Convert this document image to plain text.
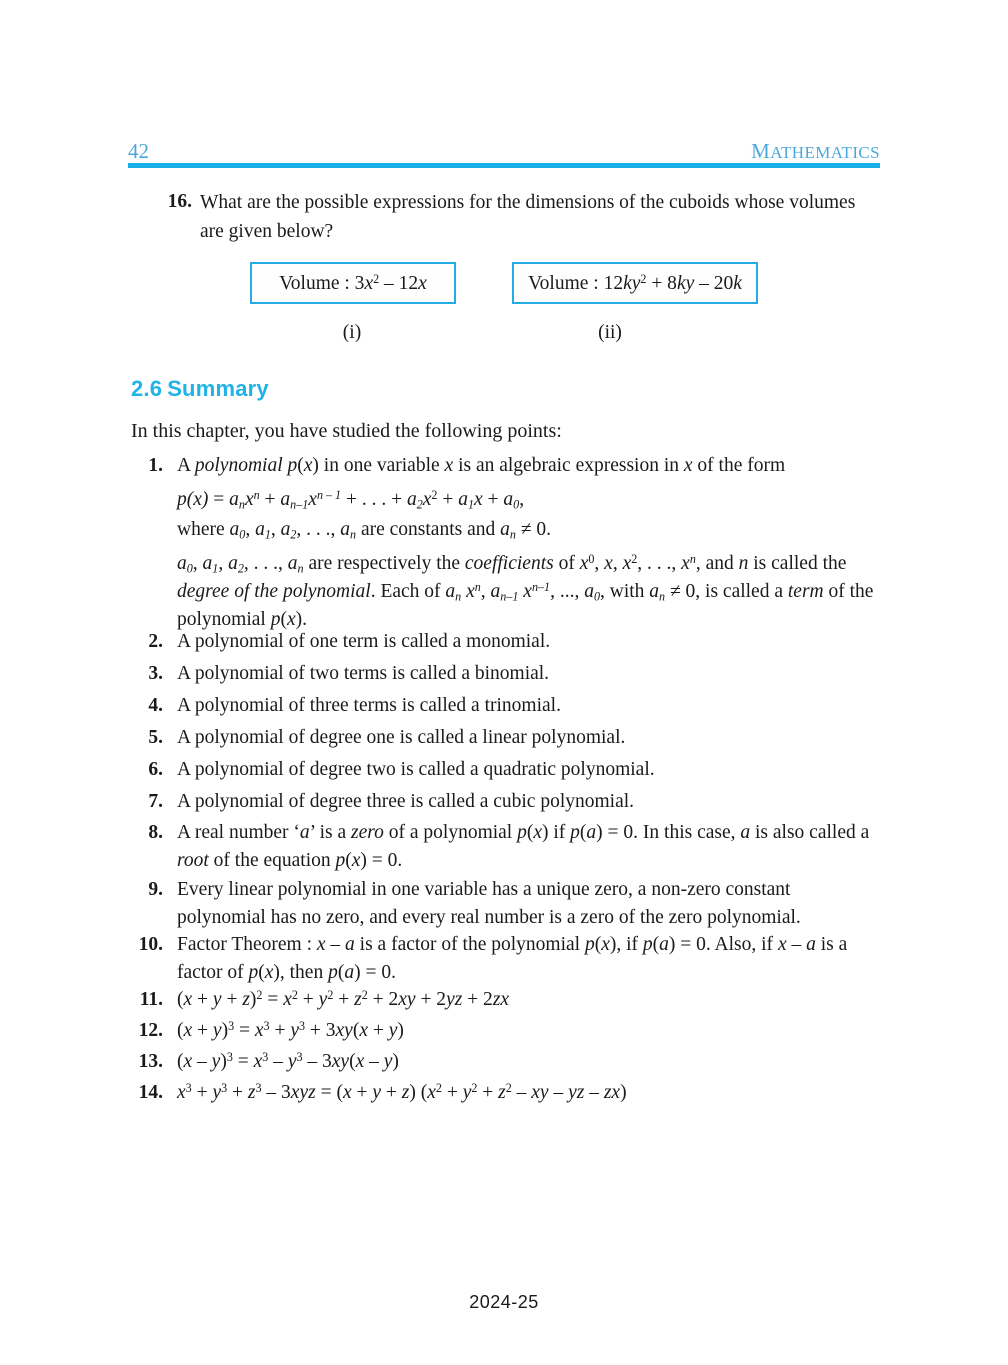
42	MATHEMATICS
16. What are the possible expressions for the dimensions of the cuboids whose volumes are given below?
Volume : $3x^2 - 12x$	Volume : $12ky^2 + 8ky - 20k$
(i)	(ii)
2.6 Summary
In this chapter, you have studied the following points:
1. A polynomial p(x) in one variable x is an algebraic expression in x of the form
$p(x) = a_nx^n + a_{n-1}x^{n - 1}$ + . . . + $a_2x^2 + a_1x + a_0$,
where $a_0$, $a_1$, $a_2$, . . ., $a_n$ are constants and $a_n \ne 0$.
$a_0$, $a_1$, $a_2$, . . ., $a_n$ are respectively the coefficients of $x^0$, x, $x^2$, . . ., $x^n$, and n is called the degree of the polynomial. Each of $a_n$ $x^n$, $a_{n-1}$ $x^{n-1}$, ..., $a_0$, with $a_n \ne 0$, is called a term of the polynomial p(x).
2. A polynomial of one term is called a monomial.
3. A polynomial of two terms is called a binomial.
4. A polynomial of three terms is called a trinomial.
5. A polynomial of degree one is called a linear polynomial.
6. A polynomial of degree two is called a quadratic polynomial.
7. A polynomial of degree three is called a cubic polynomial.
8. A real number ‘a’ is a zero of a polynomial p(x) if p(a) = 0. In this case, a is also called a root of the equation p(x) = 0.
9. Every linear polynomial in one variable has a unique zero, a non-zero constant polynomial has no zero, and every real number is a zero of the zero polynomial.
10. Factor Theorem : x – a is a factor of the polynomial p(x), if p(a) = 0. Also, if x – a is a factor of p(x), then p(a) = 0.
11. $(x + y + z)^2 = x^2 + y^2 + z^2 + 2xy + 2yz + 2zx$
12. $(x + y)^3 = x^3 + y^3 + 3xy(x + y)$
13. $(x - y)^3 = x^3 - y^3 - 3xy(x - y)$
14. $x^3 + y^3 + z^3 - 3xyz = (x + y + z) (x^2 + y^2 + z^2$ – xy – yz – zx)
2024-25
